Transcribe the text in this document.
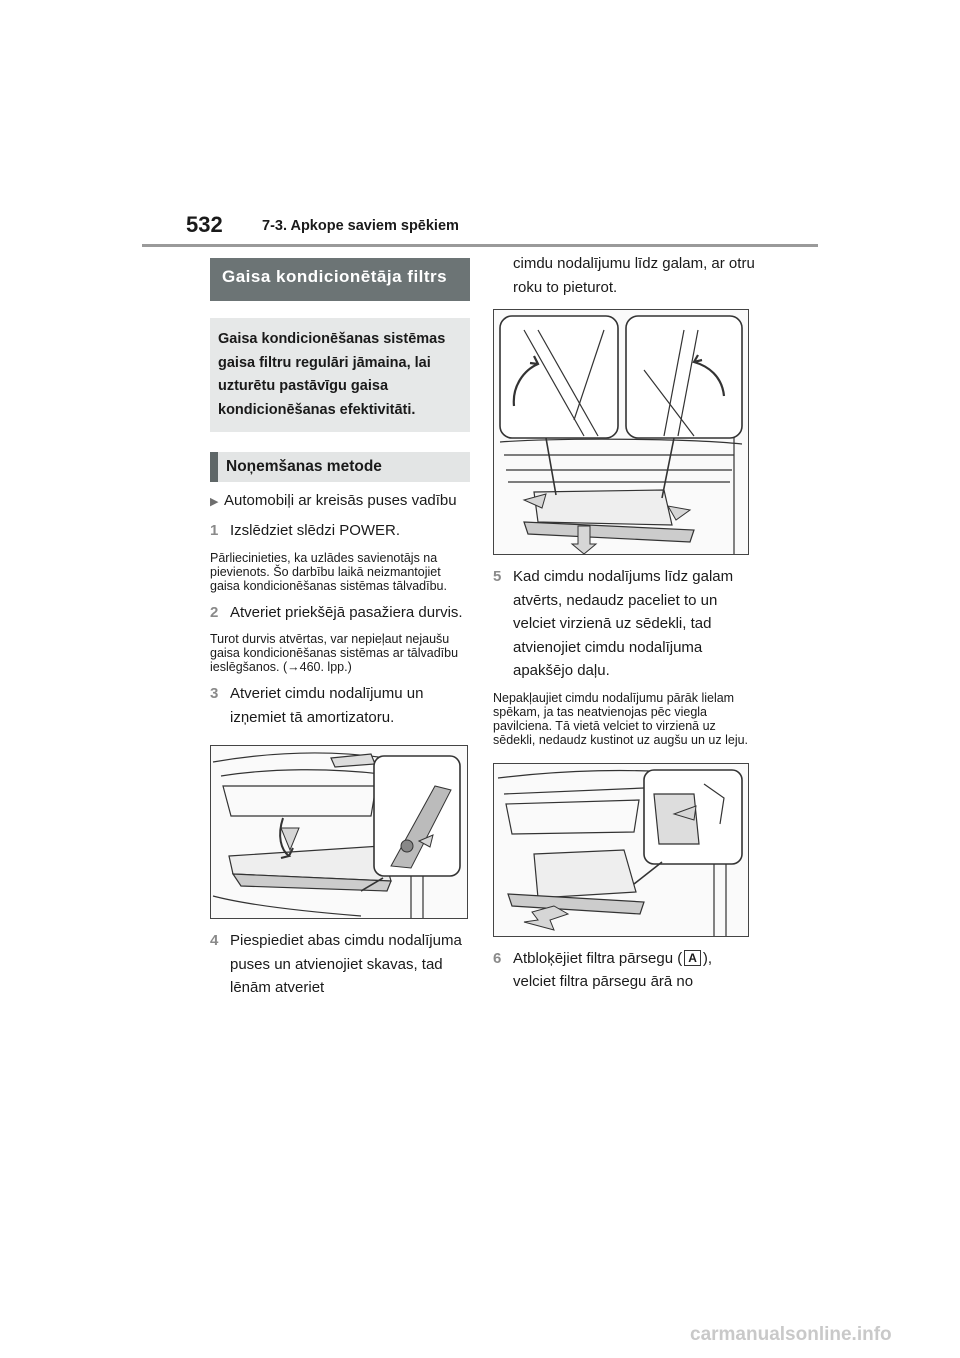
532	7-3. Apkope saviem spēkiem
Gaisa kondicionētāja filtrs
Gaisa kondicionēšanas sistēmas gaisa filtru regulāri jāmaina, lai uzturētu pastāvīgu gaisa kondicionēšanas efektivitāti.
Noņemšanas metode
▶ Automobiļi ar kreisās puses vadību
1 Izslēdziet slēdzi POWER.
Pārliecinieties, ka uzlādes savienotājs na pievienots. Šo darbību laikā neizmantojiet gaisa kondicionēšanas sistēmas tālvadību.
2 Atveriet priekšējā pasažiera durvis.
Turot durvis atvērtas, var nepieļaut nejaušu gaisa kondicionēšanas sistēmas ar tālvadību ieslēgšanos. (→460. lpp.)
3 Atveriet cimdu nodalījumu un izņemiet tā amortizatoru.
4 Piespiediet abas cimdu nodalījuma puses un atvienojiet skavas, tad lēnām atveriet
cimdu nodalījumu līdz galam, ar otru roku to pieturot.
5 Kad cimdu nodalījums līdz galam atvērts, nedaudz paceliet to un velciet virzienā uz sēdekli, tad atvienojiet cimdu nodalījuma apakšējo daļu.
Nepakļaujiet cimdu nodalījumu pārāk lielam spēkam, ja tas neatvienojas pēc viegla pavilciena. Tā vietā velciet to virzienā uz sēdekli, nedaudz kustinot uz augšu un uz leju.
6 Atbloķējiet filtra pārsegu ( A ), velciet filtra pārsegu ārā no
carmanualsonline.info
